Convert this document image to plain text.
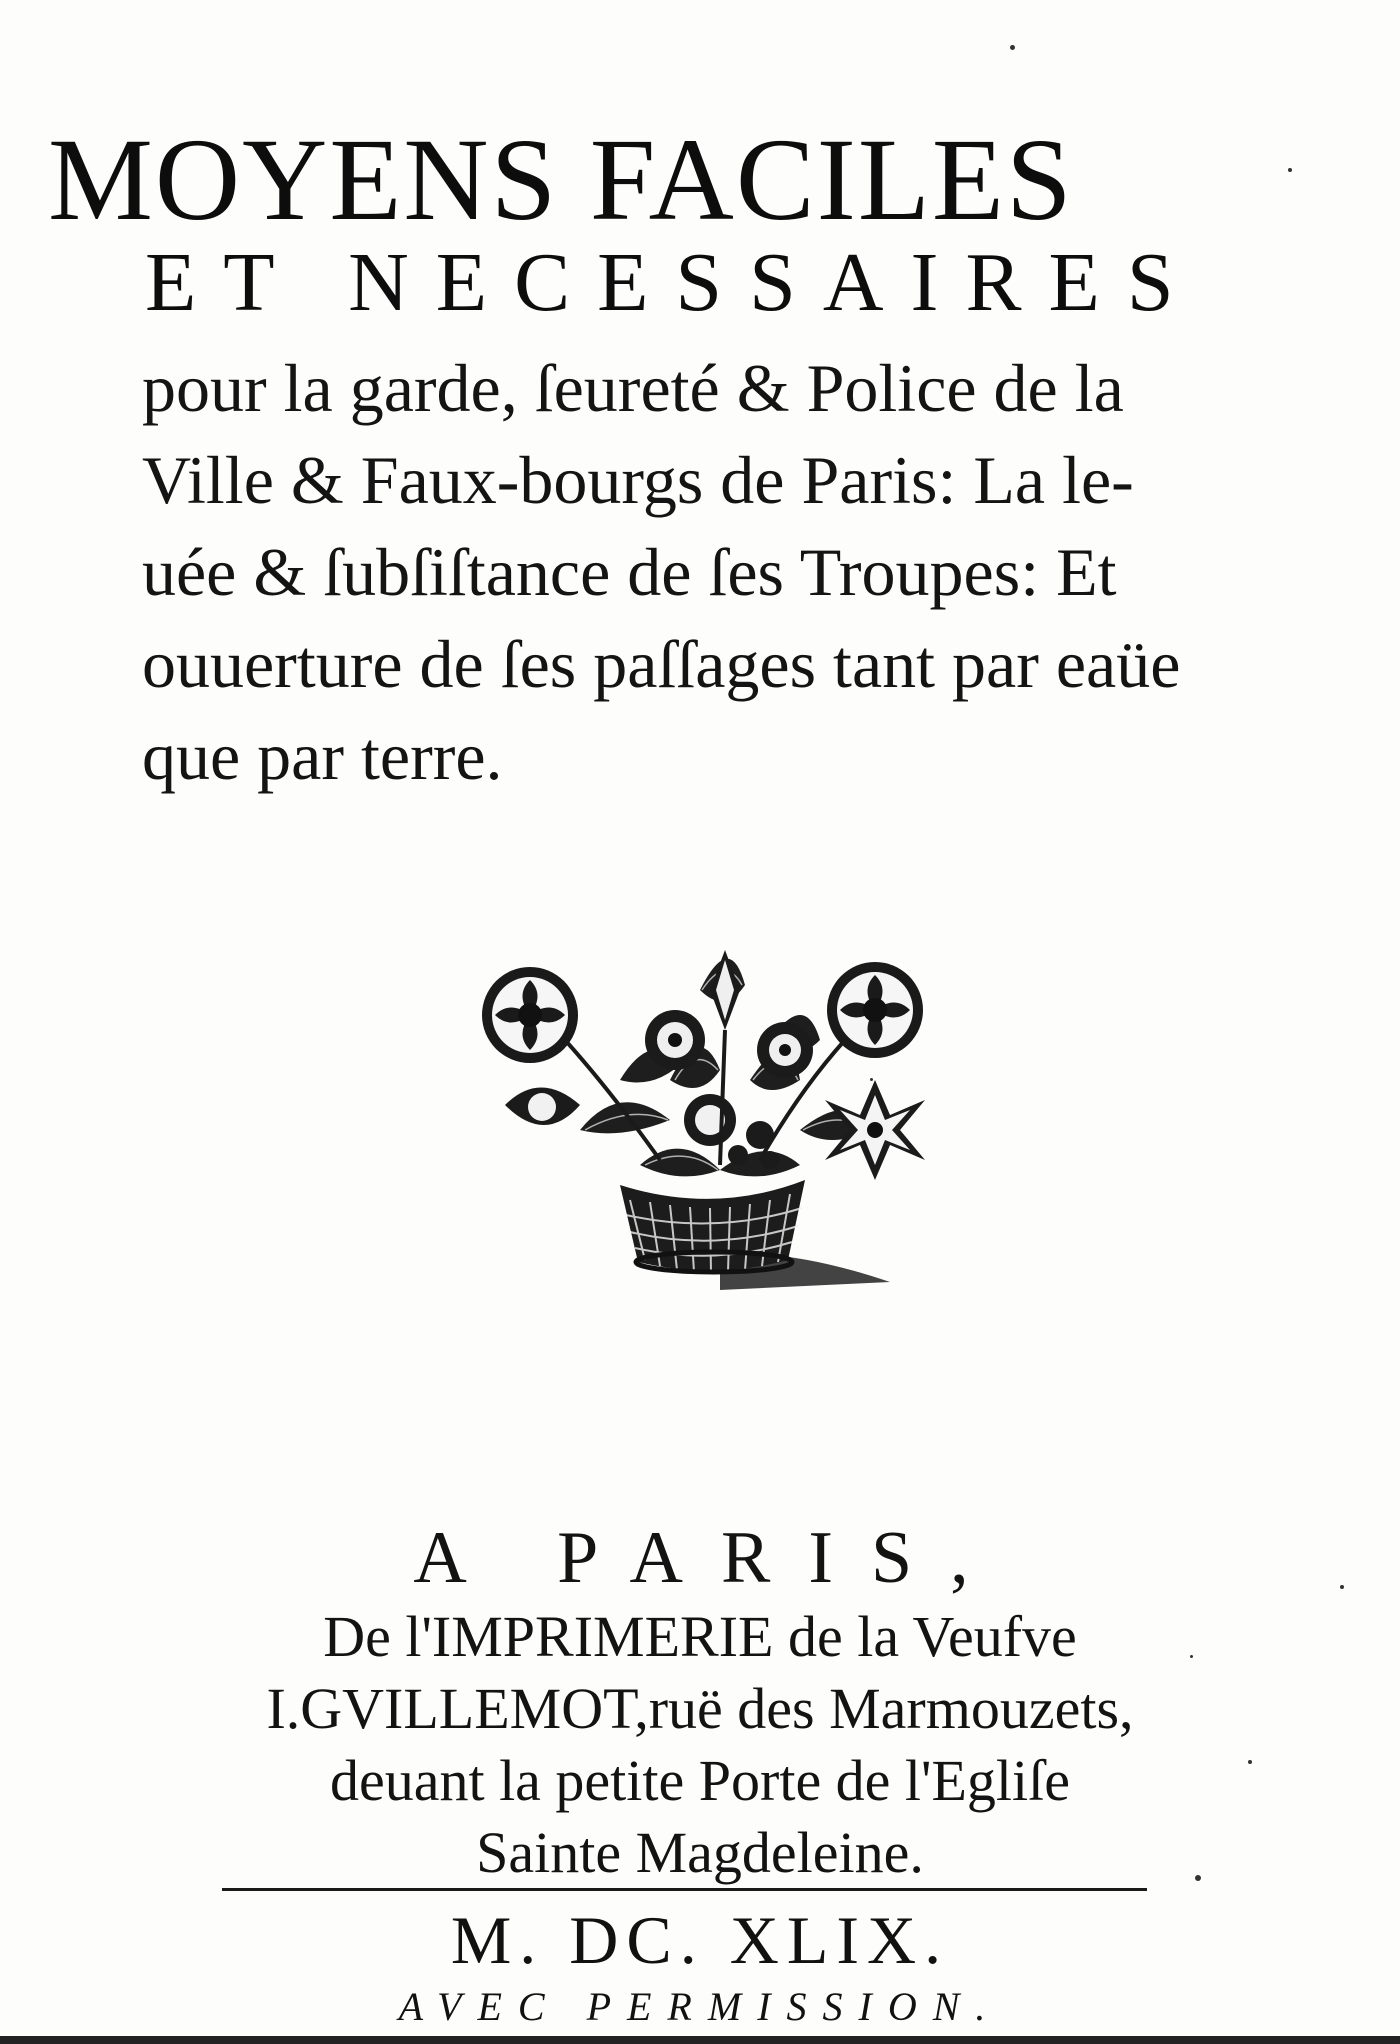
MOYENS FACILES
ET NECESSAIRES
pour la garde, ſeureté & Police de la
Ville & Faux-bourgs de Paris: La le-
uée & ſubſiſtance de ſes Troupes: Et
ouuerture de ſes paſſages tant par eaüe
que par terre.
A PARIS,
De l'IMPRIMERIE de la Veufve
I.GVILLEMOT,ruë des Marmouzets,
deuant la petite Porte de l'Egliſe
Sainte Magdeleine.
M. DC. XLIX.
AVEC PERMISSION.
